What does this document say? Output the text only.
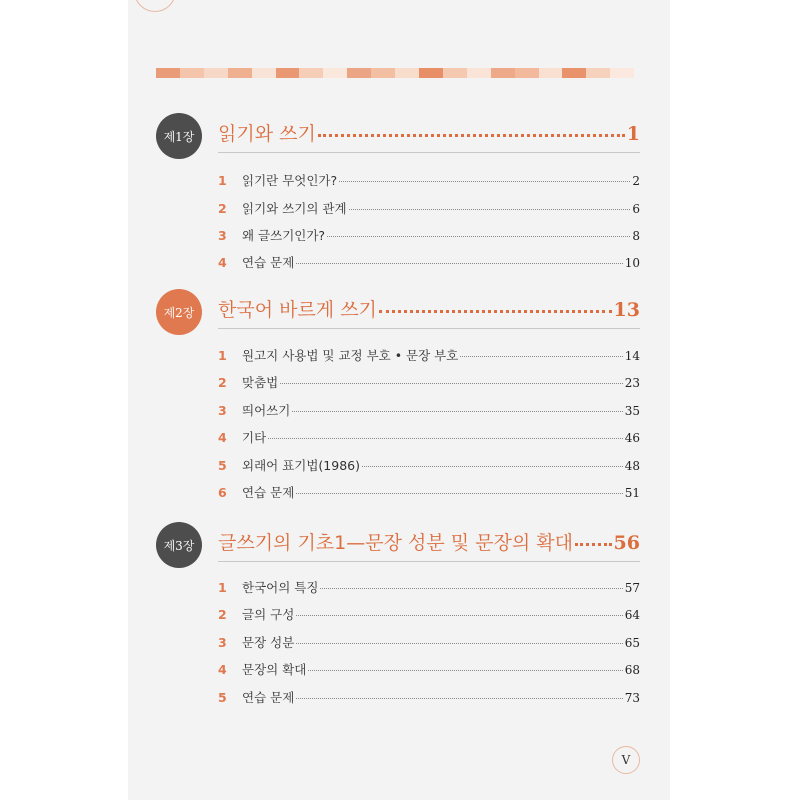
제1장	읽기와 쓰기	1
1	읽기란 무엇인가?	2
2	읽기와 쓰기의 관계	6
3	왜 글쓰기인가?	8
4	연습 문제	10
제2장	한국어 바르게 쓰기	13
1	원고지 사용법 및 교정 부호 • 문장 부호	14
2	맞춤법	23
3	띄어쓰기	35
4	기타	46
5	외래어 표기법(1986)	48
6	연습 문제	51
제3장	글쓰기의 기초1—문장 성분 및 문장의 확대 56
1	한국어의 특징	57
2	글의 구성	64
3	문장 성분	65
4	문장의 확대	68
5	연습 문제	73
V
